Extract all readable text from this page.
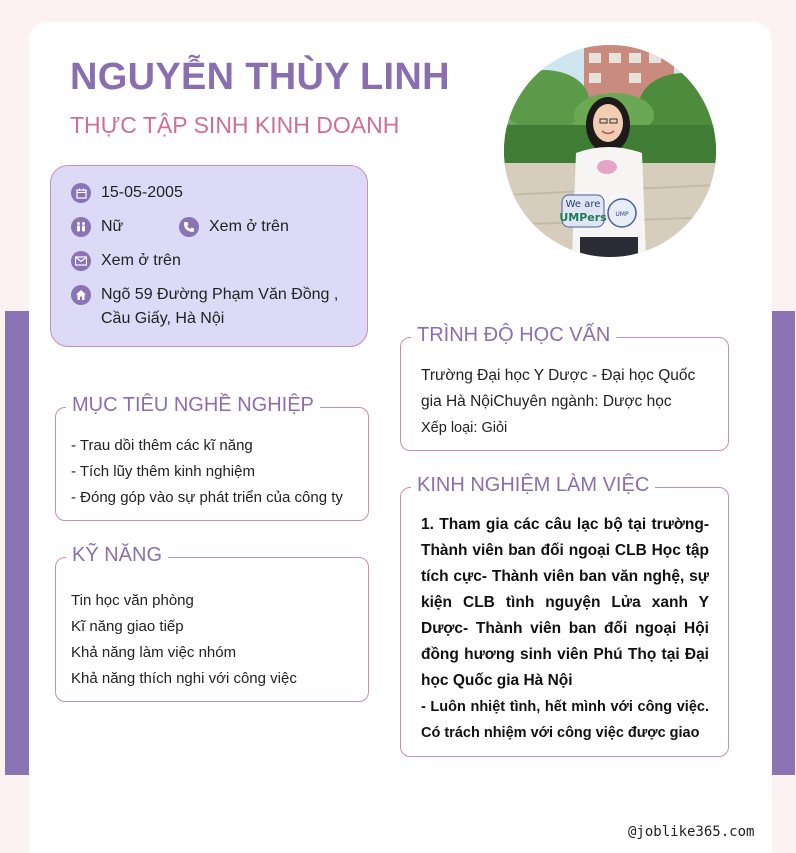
NGUYỄN THÙY LINH
THỰC TẬP SINH KINH DOANH
We are
UMPers UMP
15-05-2005
Nữ	Xem ở trên
Xem ở trên
Ngõ 59 Đường Phạm Văn Đồng ,
Cầu Giấy, Hà Nội
MỤC TIÊU NGHỀ NGHIỆP
- Trau dồi thêm các kĩ năng
- Tích lũy thêm kinh nghiệm
- Đóng góp vào sự phát triển của công ty
KỸ NĂNG
Tin học văn phòng
Kĩ năng giao tiếp
Khả năng làm việc nhóm
Khả năng thích nghi với công việc
TRÌNH ĐỘ HỌC VẤN
Trường Đại học Y Dược - Đại học Quốc
gia Hà NộiChuyên ngành: Dược học
Xếp loại: Giỏi
KINH NGHIỆM LÀM VIỆC
1. Tham gia các câu lạc bộ tại trường- Thành viên ban đối ngoại CLB Học tập tích cực- Thành viên ban văn nghệ, sự kiện CLB tình nguyện Lửa xanh Y Dược- Thành viên ban đối ngoại Hội đồng hương sinh viên Phú Thọ tại Đại học Quốc gia Hà Nội
- Luôn nhiệt tình, hết mình với công việc. Có trách nhiệm với công việc được giao
@joblike365.com
